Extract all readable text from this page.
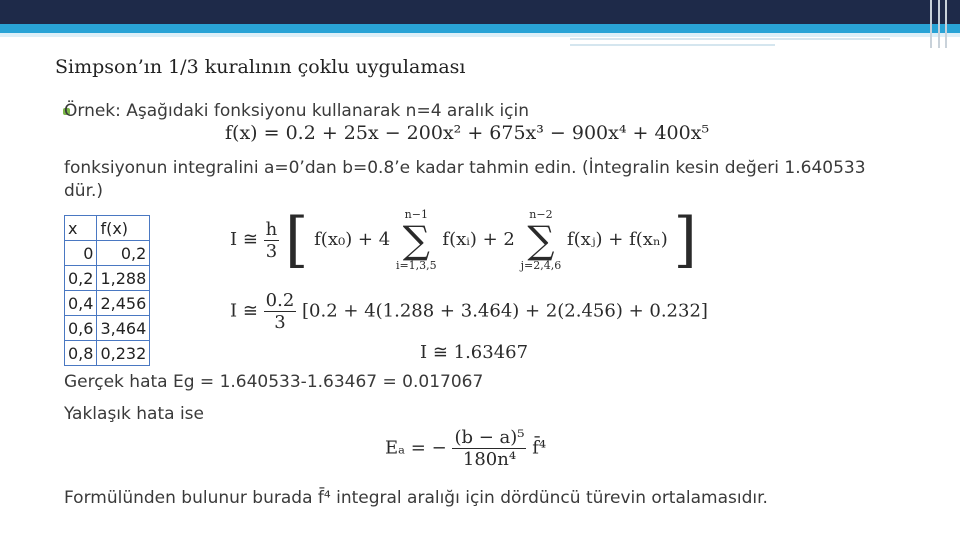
Simpson’ın 1/3 kuralının çoklu uygulaması
Örnek: Aşağıdaki fonksiyonu kullanarak n=4 aralık için
f(x) = 0.2 + 25x − 200x² + 675x³ − 900x⁴ + 400x⁵
fonksiyonun integralini a=0’dan b=0.8’e kadar tahmin edin. (İntegralin kesin değeri 1.640533
dür.)
x	f(x)
0	0,2
0,2	1,288
0,4	2,456
0,6	3,464
0,8	0,232
I ≅ $\frac{h}{3}$ [ f(x₀) + 4 n−1
∑
i=1,3,5 f(xᵢ) + 2 n−2
∑
j=2,4,6 f(xⱼ) + f(xₙ) ]
I ≅ $\frac{0.2}{3} [0.2 + 4(1.288 + 3.464) + 2(2.456) + 0.232]$
I ≅ 1.63467
Gerçek hata Eg = 1.640533-1.63467 = 0.017067
Yaklaşık hata ise
Eₐ = − $\frac{\text{(b − a)⁵}}{\text{180n⁴}}$ f̄⁴
Formülünden bulunur burada f̄⁴ integral aralığı için dördüncü türevin ortalamasıdır.
